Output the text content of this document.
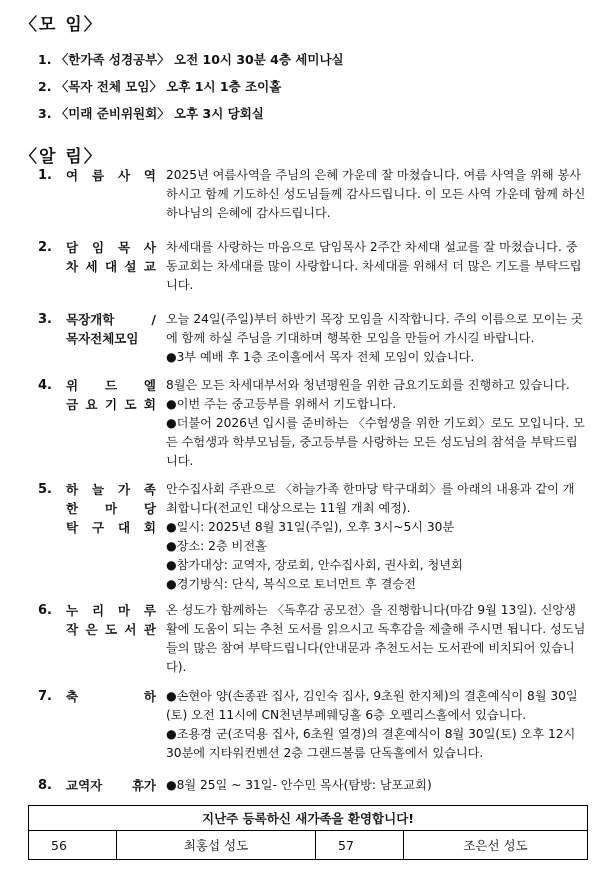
〈모 임〉
1. 〈한가족 성경공부〉 오전 10시 30분 4층 세미나실
2. 〈목자 전체 모임〉 오후 1시 1층 조이홀
3. 〈미래 준비위원회〉 오후 3시 당회실
〈알 림〉
1. 여 름 사 역 2025년 여름사역을 주님의 은혜 가운데 잘 마쳤습니다. 여름 사역을 위해 봉사하시고 함께 기도하신 성도님들께 감사드립니다. 이 모든 사역 가운데 함께 하신 하나님의 은혜에 감사드립니다.

2. 담 임 목 사
차 세 대 설 교

차세대를 사랑하는 마음으로 담임목사 2주간 차세대 설교를 잘 마쳤습니다. 중동교회는 차세대를 많이 사랑합니다. 차세대를 위해서 더 많은 기도를 부탁드립니다.

3. 목장개학 /
목자전체모임

오늘 24일(주일)부터 하반기 목장 모임을 시작합니다. 주의 이름으로 모이는 곳에 함께 하실 주님을 기대하며 행복한 모임을 만들어 가시길 바랍니다.

●3부 예배 후 1층 조이홀에서 목자 전체 모임이 있습니다.

4. 위 드 엘
금 요 기 도 회

8월은 모든 차세대부서와 청년평원을 위한 금요기도회를 진행하고 있습니다.

●이번 주는 중고등부를 위해서 기도합니다.

●더불어 2026년 입시를 준비하는 〈수험생을 위한 기도회〉로도 모입니다. 모든 수험생과 학부모님들, 중고등부를 사랑하는 모든 성도님의 참석을 부탁드립니다.

5. 하 늘 가 족
한 마 당
탁 구 대 회

안수집사회 주관으로 〈하늘가족 한마당 탁구대회〉를 아래의 내용과 같이 개최합니다(전교인 대상으로는 11월 개최 예정).

●일시: 2025년 8월 31일(주일), 오후 3시~5시 30분

●장소: 2층 비전홀

●참가대상: 교역자, 장로회, 안수집사회, 권사회, 청년회

●경기방식: 단식, 복식으로 토너먼트 후 결승전

6. 누 리 마 루
작 은 도 서 관

온 성도가 함께하는 〈독후감 공모전〉을 진행합니다(마감 9월 13일). 신앙생활에 도움이 되는 추천 도서를 읽으시고 독후감을 제출해 주시면 됩니다. 성도님들의 많은 참여 부탁드립니다(안내문과 추천도서는 도서관에 비치되어 있습니다).

7. 축 하 ●손현아 양(손종관 집사, 김인숙 집사, 9초원 한지체)의 결혼예식이 8월 30일(토) 오전 11시에 CN천년부페웨딩홀 6층 오펠리스홀에서 있습니다.

●조용경 군(조덕용 집사, 6초원 열경)의 결혼예식이 8월 30일(토) 오후 12시 30분에 지타워컨벤션 2층 그랜드볼룸 단독홀에서 있습니다.

8. 교역자 휴가 ●8월 25일 ~ 31일- 안수민 목사(탐방: 남포교회)

지난주 등록하신 새가족을 환영합니다!
56	최홍섭 성도	57	조은선 성도
